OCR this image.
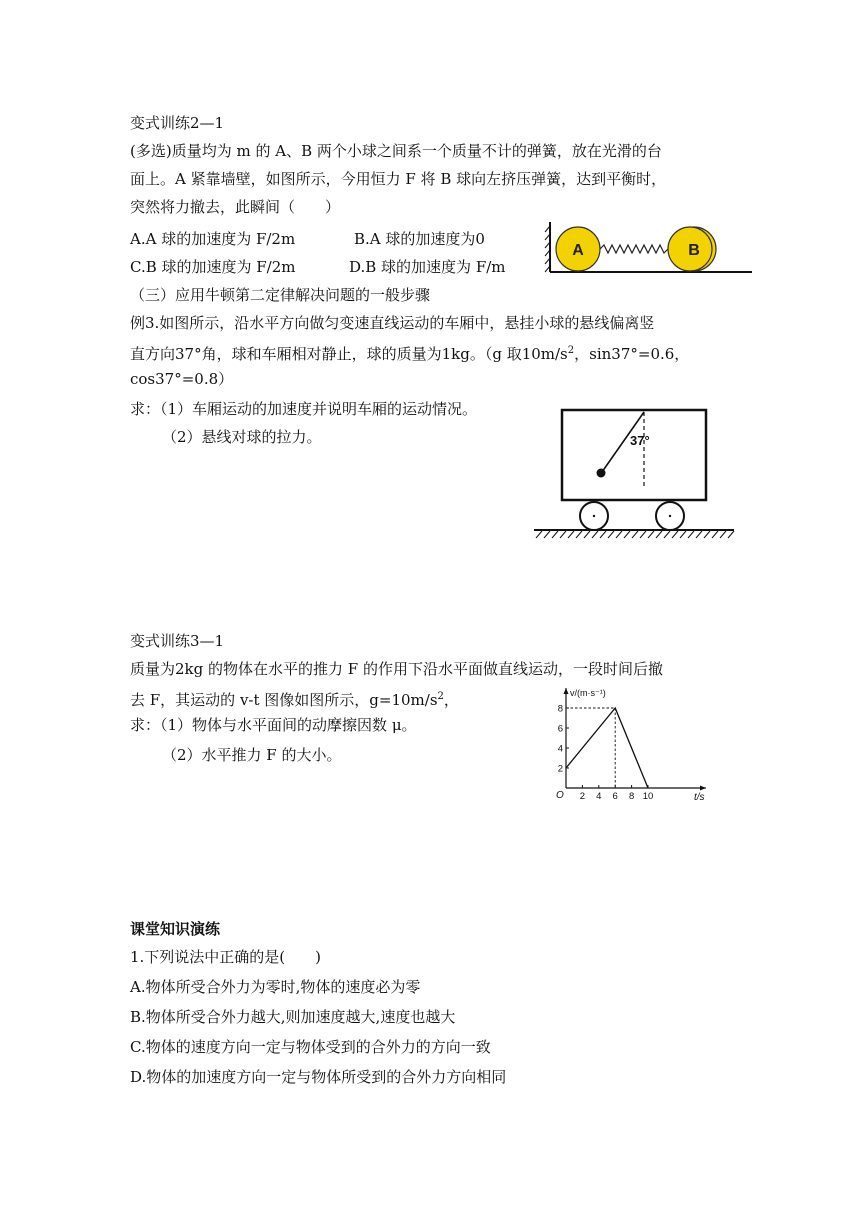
变式训练2—1
(多选)质量均为 m 的 A、B 两个小球之间系一个质量不计的弹簧，放在光滑的台
面上。A 紧靠墙壁，如图所示，今用恒力 F 将 B 球向左挤压弹簧，达到平衡时，
突然将力撤去，此瞬间（　　）
A.A 球的加速度为 F/2m	B.A 球的加速度为0
C.B 球的加速度为 F/2m	D.B 球的加速度为 F/m
A	B
（三）应用牛顿第二定律解决问题的一般步骤
例3.如图所示，沿水平方向做匀变速直线运动的车厢中，悬挂小球的悬线偏离竖
直方向37°角，球和车厢相对静止，球的质量为1kg。（g 取$10m/s^2$，sin37°=0.6，
cos37°=0.8）
求：（1）车厢运动的加速度并说明车厢的运动情况。
（2）悬线对球的拉力。	37°
变式训练3—1
质量为2kg 的物体在水平的推力 F 的作用下沿水平面做直线运动，一段时间后撤
去 F，其运动的 v-t 图像如图所示，$g=10m/s^2$，
求：（1）物体与水平面间的动摩擦因数 μ。
（2）水平推力 F 的大小。
v/(m·s⁻¹)
t/s
O 2 4 6 8 10
2
4
6
8
课堂知识演练
1.下列说法中正确的是(　　)
A.物体所受合外力为零时,物体的速度必为零
B.物体所受合外力越大,则加速度越大,速度也越大
C.物体的速度方向一定与物体受到的合外力的方向一致
D.物体的加速度方向一定与物体所受到的合外力方向相同
